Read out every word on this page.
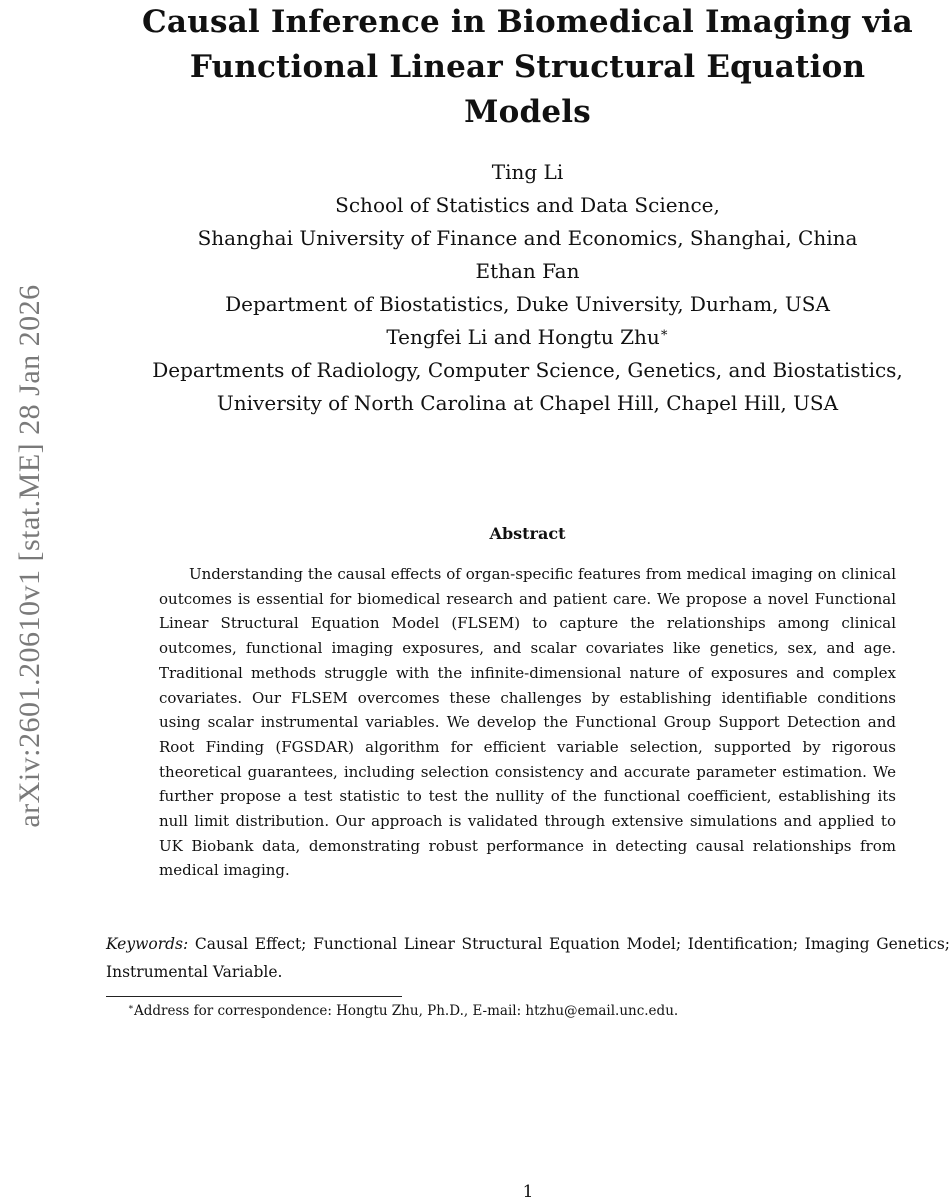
arXiv:2601.20610v1 [stat.ME] 28 Jan 2026
Causal Inference in Biomedical Imaging via
Functional Linear Structural Equation
Models
Ting Li
School of Statistics and Data Science,
Shanghai University of Finance and Economics, Shanghai, China
Ethan Fan
Department of Biostatistics, Duke University, Durham, USA
Tengfei Li and Hongtu Zhu∗
Departments of Radiology, Computer Science, Genetics, and Biostatistics,
University of North Carolina at Chapel Hill, Chapel Hill, USA
Abstract
Understanding the causal effects of organ-specific features from medical imaging on clinical outcomes is essential for biomedical research and patient care. We propose a novel Functional Linear Structural Equation Model (FLSEM) to capture the relationships among clinical outcomes, functional imaging exposures, and scalar covariates like genetics, sex, and age. Traditional methods struggle with the infinite-dimensional nature of exposures and complex covariates. Our FLSEM overcomes these challenges by establishing identifiable conditions using scalar instrumental variables. We develop the Functional Group Support Detection and Root Finding (FGSDAR) algorithm for efficient variable selection, supported by rigorous theoretical guarantees, including selection consistency and accurate parameter estimation. We further propose a test statistic to test the nullity of the functional coefficient, establishing its null limit distribution. Our approach is validated through extensive simulations and applied to UK Biobank data, demonstrating robust performance in detecting causal relationships from medical imaging.
Keywords: Causal Effect; Functional Linear Structural Equation Model; Identification; Imaging Genetics; Instrumental Variable.
∗Address for correspondence: Hongtu Zhu, Ph.D., E-mail: htzhu@email.unc.edu.
1
